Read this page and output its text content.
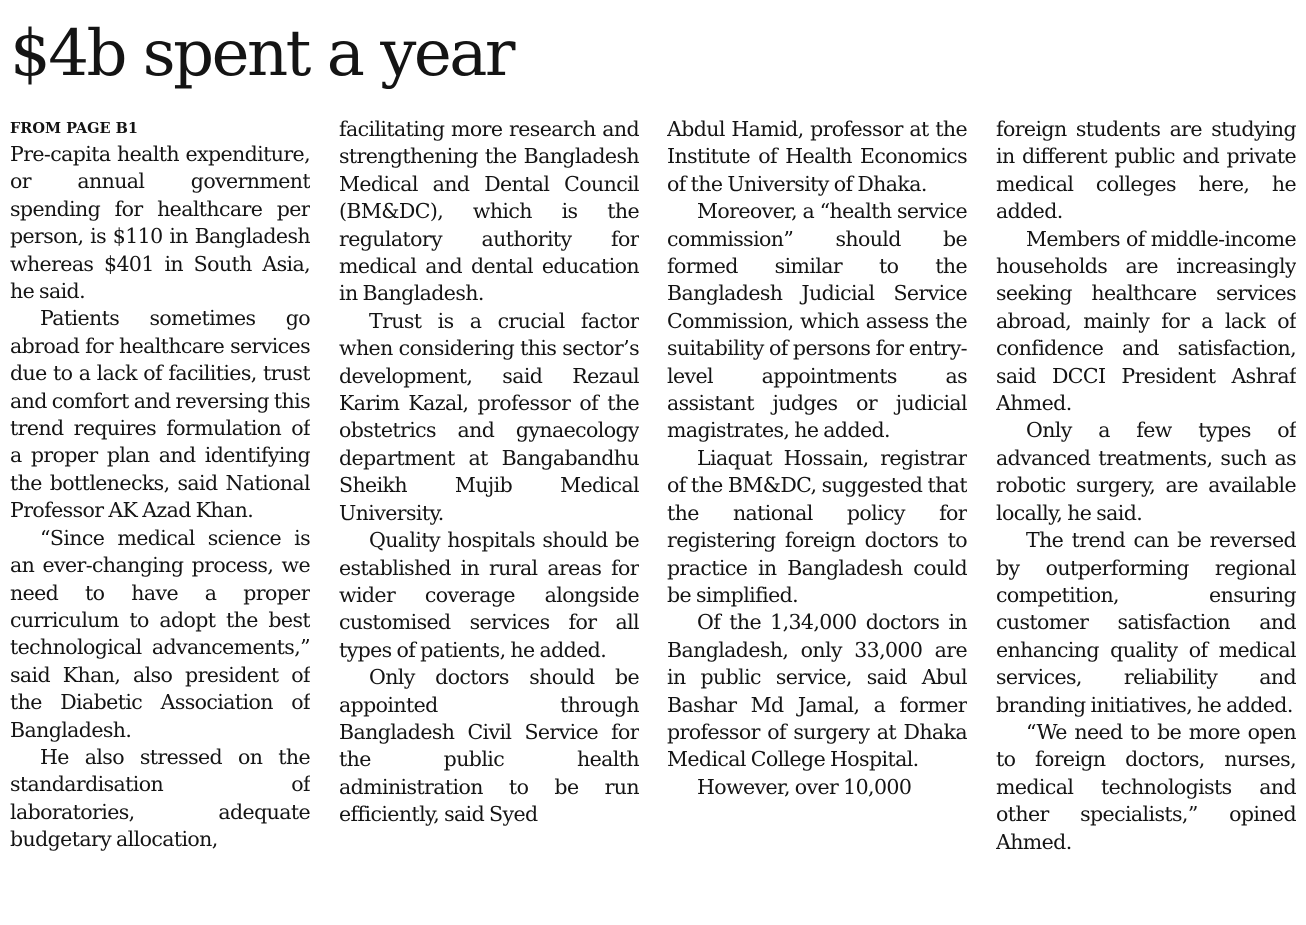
$4b spent a year
FROM PAGE B1

Pre-capita health expenditure, or annual government spending for healthcare per person, is $110 in Bangladesh whereas $401 in South Asia, he said.

Patients sometimes go abroad for healthcare services due to a lack of facilities, trust and comfort and reversing this trend requires formulation of a proper plan and identifying the bottlenecks, said National Professor AK Azad Khan.

“Since medical science is an ever-changing process, we need to have a proper curriculum to adopt the best technological advancements,” said Khan, also president of the Diabetic Association of Bangladesh.

He also stressed on the standardisation of laboratories, adequate budgetary allocation,

facilitating more research and strengthening the Bangladesh Medical and Dental Council (BM&DC), which is the regulatory authority for medical and dental education in Bangladesh.

Trust is a crucial factor when considering this sector’s development, said Rezaul Karim Kazal, professor of the obstetrics and gynaecology department at Bangabandhu Sheikh Mujib Medical University.

Quality hospitals should be established in rural areas for wider coverage alongside customised services for all types of patients, he added.

Only doctors should be appointed through Bangladesh Civil Service for the public health administration to be run efficiently, said Syed

Abdul Hamid, professor at the Institute of Health Economics of the University of Dhaka.

Moreover, a “health service commission” should be formed similar to the Bangladesh Judicial Service Commission, which assess the suitability of persons for entry-level appointments as assistant judges or judicial magistrates, he added.

Liaquat Hossain, registrar of the BM&DC, suggested that the national policy for registering foreign doctors to practice in Bangladesh could be simplified.

Of the 1,34,000 doctors in Bangladesh, only 33,000 are in public service, said Abul Bashar Md Jamal, a former professor of surgery at Dhaka Medical College Hospital.

However, over 10,000

foreign students are studying in different public and private medical colleges here, he added.

Members of middle-income households are increasingly seeking healthcare services abroad, mainly for a lack of confidence and satisfaction, said DCCI President Ashraf Ahmed.

Only a few types of advanced treatments, such as robotic surgery, are available locally, he said.

The trend can be reversed by outperforming regional competition, ensuring customer satisfaction and enhancing quality of medical services, reliability and branding initiatives, he added.

“We need to be more open to foreign doctors, nurses, medical technologists and other specialists,” opined Ahmed.
